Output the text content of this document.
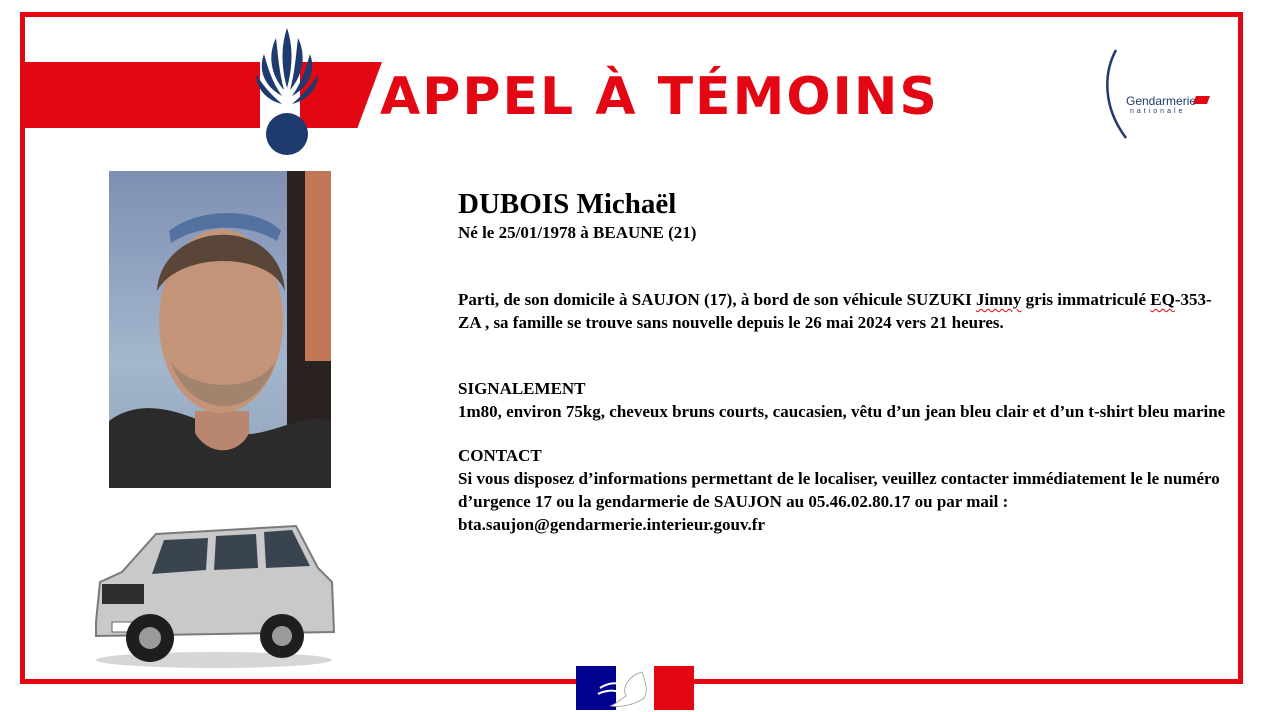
APPEL À TÉMOINS	Gendarmerie
nationale
DUBOIS Michaël
Né le 25/01/1978 à BEAUNE (21)
Parti, de son domicile à SAUJON (17), à bord de son véhicule SUZUKI Jimny gris immatriculé EQ-353-ZA , sa famille se trouve sans nouvelle depuis le 26 mai 2024 vers 21 heures.
SIGNALEMENT
1m80, environ 75kg, cheveux bruns courts, caucasien, vêtu d’un jean bleu clair et d’un t-shirt bleu marine
CONTACT
Si vous disposez d’informations permettant de le localiser, veuillez contacter immédiatement le le numéro d’urgence 17 ou la gendarmerie de SAUJON au 05.46.02.80.17 ou par mail :
bta.saujon@gendarmerie.interieur.gouv.fr
